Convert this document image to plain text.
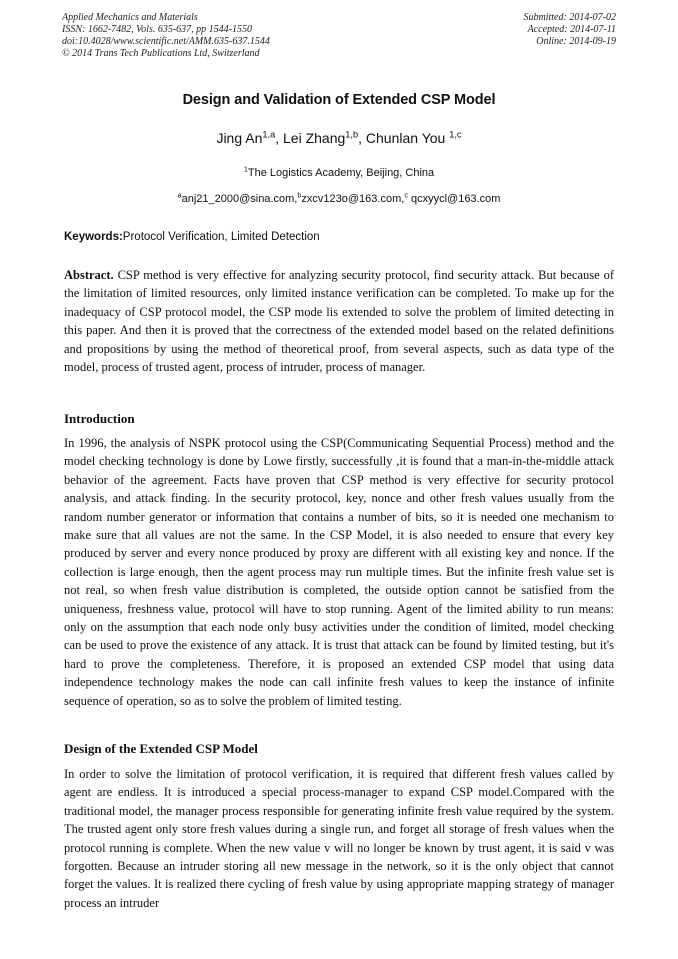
Applied Mechanics and Materials
ISSN: 1662-7482, Vols. 635-637, pp 1544-1550
doi:10.4028/www.scientific.net/AMM.635-637.1544
© 2014 Trans Tech Publications Ltd, Switzerland
Submitted: 2014-07-02
Accepted: 2014-07-11
Online: 2014-09-19
Design and Validation of Extended CSP Model
Jing An$^{1,a}$, Lei Zhang$^{1,b}$, Chunlan You $^{1,c}$
$^1$The Logistics Academy, Beijing, China
$^a$anj21_2000@sina.com,$^b$zxcv123o@163.com,$^c$ qcxyycl@163.com
Keywords:Protocol Verification, Limited Detection

Abstract. CSP method is very effective for analyzing security protocol, find security attack. But because of the limitation of limited resources, only limited instance verification can be completed. To make up for the inadequacy of CSP protocol model, the CSP mode lis extended to solve the problem of limited detecting in this paper. And then it is proved that the correctness of the extended model based on the related definitions and propositions by using the method of theoretical proof, from several aspects, such as data type of the model, process of trusted agent, process of intruder, process of manager.

Introduction

In 1996, the analysis of NSPK protocol using the CSP(Communicating Sequential Process) method and the model checking technology is done by Lowe firstly, successfully ,it is found that a man-in-the-middle attack behavior of the agreement. Facts have proven that CSP method is very effective for security protocol analysis, and attack finding. In the security protocol, key, nonce and other fresh values usually from the random number generator or information that contains a number of bits, so it is needed one mechanism to make sure that all values are not the same. In the CSP Model, it is also needed to ensure that every key produced by server and every nonce produced by proxy are different with all existing key and nonce. If the collection is large enough, then the agent process may run multiple times. But the infinite fresh value set is not real, so when fresh value distribution is completed, the outside option cannot be satisfied from the uniqueness, freshness value, protocol will have to stop running. Agent of the limited ability to run means: only on the assumption that each node only busy activities under the condition of limited, model checking can be used to prove the existence of any attack. It is trust that attack can be found by limited testing, but it's hard to prove the completeness. Therefore, it is proposed an extended CSP model that using data independence technology makes the node can call infinite fresh values to keep the instance of infinite sequence of operation, so as to solve the problem of limited testing.

Design of the Extended CSP Model

In order to solve the limitation of protocol verification, it is required that different fresh values called by agent are endless. It is introduced a special process-manager to expand CSP model.Compared with the traditional model, the manager process responsible for generating infinite fresh value required by the system. The trusted agent only store fresh values during a single run, and forget all storage of fresh values when the protocol running is complete. When the new value v will no longer be known by trust agent, it is said v was forgotten. Because an intruder storing all new message in the network, so it is the only object that cannot forget the values. It is realized there cycling of fresh value by using appropriate mapping strategy of manager process an intruder
